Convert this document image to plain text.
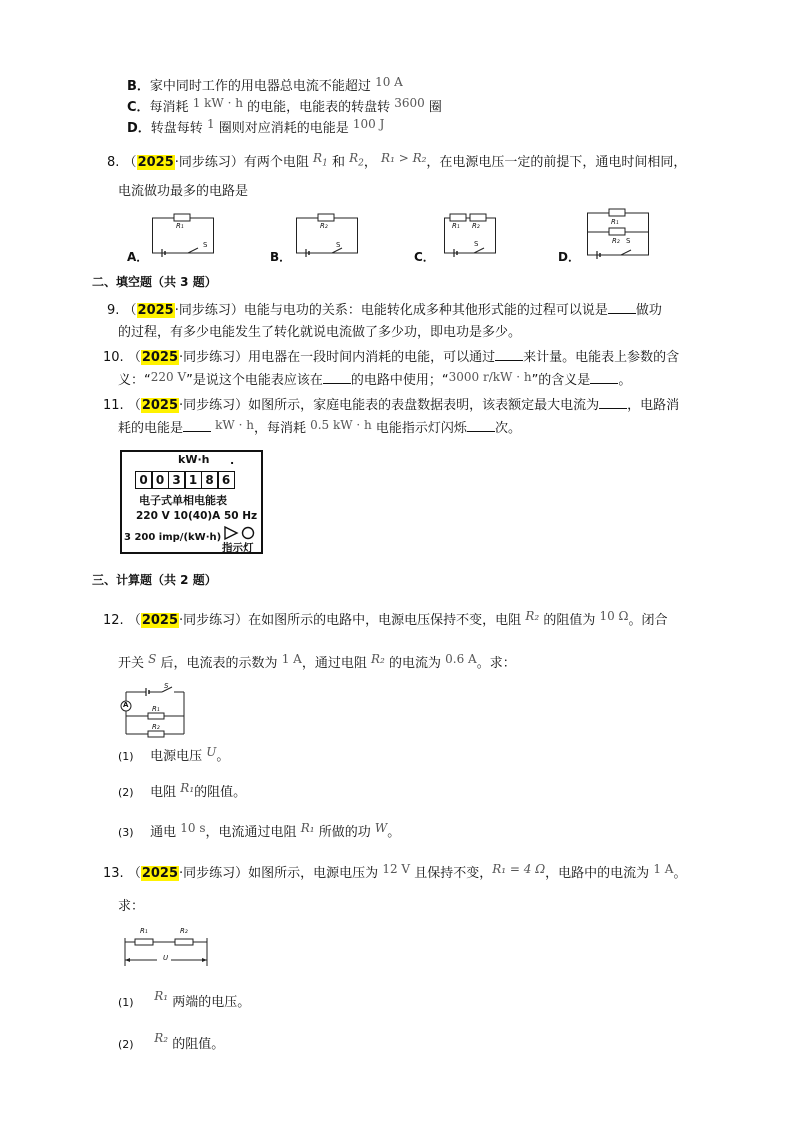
B．家中同时工作的用电器总电流不能超过 10 A
C．每消耗 1 kW · h 的电能，电能表的转盘转 3600 圈
D．转盘每转 1 圈则对应消耗的电能是 100 J
8. （2025·同步练习）有两个电阻 $R_1$ 和 $R_2$， R₁ > R₂，在电源电压一定的前提下，通电时间相同，
电流做功最多的电路是
A．
R₁
S
B．
R₂
S
C．
R₁ R₂
S
D．
R₁
R₂ S
二、填空题（共 3 题）
9. （2025·同步练习）电能与电功的关系：电能转化成多种其他形式能的过程可以说是 做功
的过程，有多少电能发生了转化就说电流做了多少功，即电功是多少。
10. （2025·同步练习）用电器在一段时间内消耗的电能，可以通过 来计量。电能表上参数的含
义：“220 V”是说这个电能表应该在 的电路中使用；“3000 r/kW · h”的含义是 。
11. （2025·同步练习）如图所示，家庭电能表的表盘数据表明，该表额定最大电流为 ，电路消
耗的电能是	kW · h，每消耗 0.5 kW · h 电能指示灯闪烁 次。
kW·h .
0 0 3 1 8 6
电子式单相电能表
220 V 10(40)A 50 Hz
3 200 imp/(kW·h)
指示灯
三、计算题（共 2 题）
12. （2025·同步练习）在如图所示的电路中，电源电压保持不变，电阻 R₂ 的阻值为 10 Ω。闭合
开关 S 后，电流表的示数为 1 A，通过电阻 R₂ 的电流为 0.6 A。求：
A
S
R₁
R₂
(1) 电源电压 U。
(2) 电阻 R₁的阻值。
(3) 通电 10 s，电流通过电阻 R₁ 所做的功 W。
13. （2025·同步练习）如图所示，电源电压为 12 V 且保持不变，R₁ = 4 Ω，电路中的电流为 1 A。
求：
R₁	R₂
U
(1) R₁ 两端的电压。
(2) R₂ 的阻值。
